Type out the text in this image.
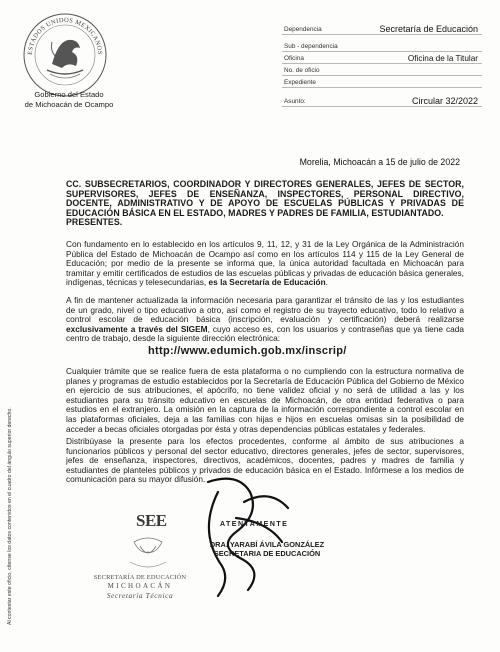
ESTADOS UNIDOS MEXICANOS
Gobierno del Estado
de Michoacán de Ocampo
Dependencia	Secretaría de Educación
Sub - dependencia
Oficina	Oficina de la Titular
No. de oficio
Expediente
Asunto:	Circular 32/2022
Morelia, Michoacán a 15 de julio de 2022
CC. SUBSECRETARIOS, COORDINADOR Y DIRECTORES GENERALES, JEFES DE SECTOR, SUPERVISORES, JEFES DE ENSEÑANZA, INSPECTORES, PERSONAL DIRECTIVO, DOCENTE, ADMINISTRATIVO Y DE APOYO DE ESCUELAS PÚBLICAS Y PRIVADAS DE EDUCACIÓN BÁSICA EN EL ESTADO, MADRES Y PADRES DE FAMILIA, ESTUDIANTADO.
PRESENTES.
Con fundamento en lo establecido en los artículos 9, 11, 12, y 31 de la Ley Orgánica de la Administración Pública del Estado de Michoacán de Ocampo así como en los artículos 114 y 115 de la Ley General de Educación; por medio de la presente se informa que, la única autoridad facultada en Michoacán para tramitar y emitir certificados de estudios de las escuelas públicas y privadas de educación básica generales, indígenas, técnicas y telesecundarias, es la Secretaría de Educación.
A fin de mantener actualizada la información necesaria para garantizar el tránsito de las y los estudiantes de un grado, nivel o tipo educativo a otro, así como el registro de su trayecto educativo, todo lo relativo a control escolar de educación básica (inscripción, evaluación y certificación) deberá realizarse exclusivamente a través del SIGEM, cuyo acceso es, con los usuarios y contraseñas que ya tiene cada centro de trabajo, desde la siguiente dirección electrónica:
http://www.edumich.gob.mx/inscrip/
Cualquier trámite que se realice fuera de esta plataforma o no cumpliendo con la estructura normativa de planes y programas de estudio establecidos por la Secretaría de Educación Pública del Gobierno de México en ejercicio de sus atribuciones, el apócrifo, no tiene validez oficial y no será de utilidad a las y los estudiantes para su tránsito educativo en escuelas de Michoacán, de otra entidad federativa o para estudios en el extranjero. La omisión en la captura de la información correspondiente a control escolar en las plataformas oficiales, deja a las familias con hijas e hijos en escuelas omisas sin la posibilidad de acceder a becas oficiales otorgadas por ésta y otras dependencias públicas estatales y federales.
Distribúyase la presente para los efectos procedentes, conforme al ámbito de sus atribuciones a funcionarios públicos y personal del sector educativo, directores generales, jefes de sector, supervisores, jefes de enseñanza, inspectores, directivos, académicos, docentes, padres y madres de familia y estudiantes de planteles públicos y privados de educación básica en el Estado. Infórmese a los medios de comunicación para su mayor difusión.
SEE
SECRETARÍA DE EDUCACIÓN
MICHOACÁN
Secretaría Técnica
ATENTAMENTE
DRA. YARABÍ ÁVILA GONZÁLEZ
SECRETARIA DE EDUCACIÓN
Al contestar este oficio, cítense los datos contenidos en el cuadro del ángulo superior derecho.
